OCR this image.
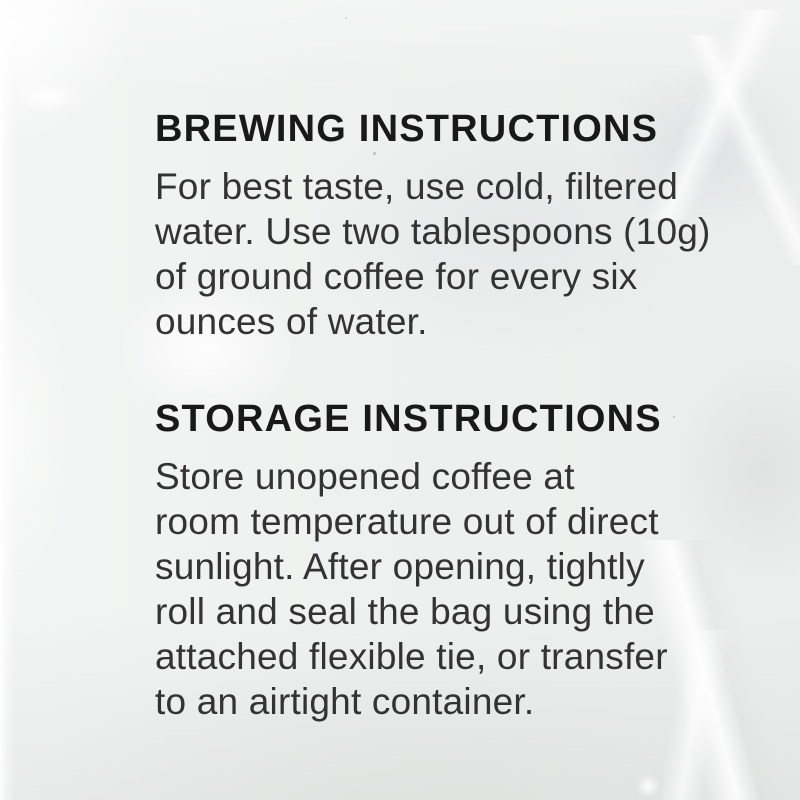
BREWING INSTRUCTIONS
For best taste, use cold, filtered
water. Use two tablespoons (10g)
of ground coffee for every six
ounces of water.
STORAGE INSTRUCTIONS
Store unopened coffee at
room temperature out of direct
sunlight. After opening, tightly
roll and seal the bag using the
attached flexible tie, or transfer
to an airtight container.
